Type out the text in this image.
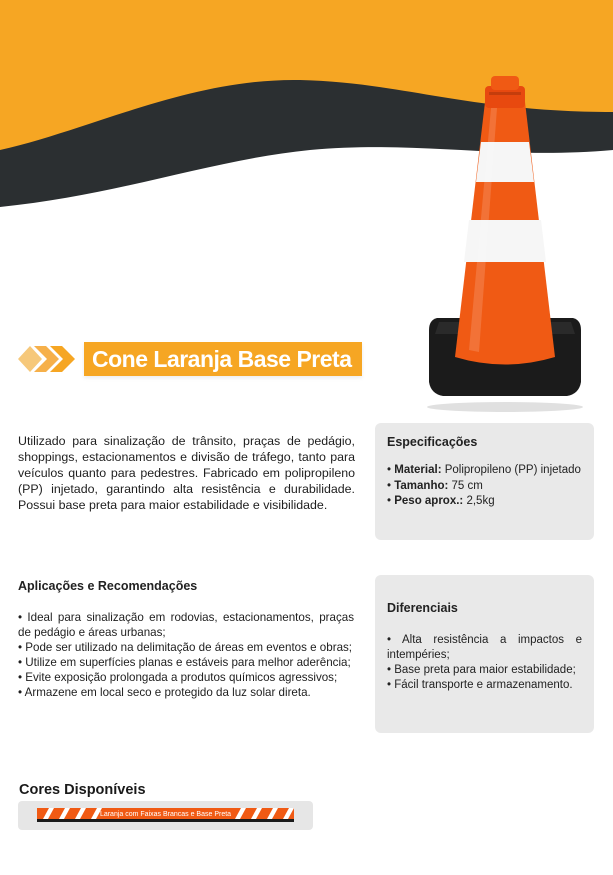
Cone Laranja Base Preta

Utilizado para sinalização de trânsito, praças de pedágio, shoppings, estacionamentos e divisão de tráfego, tanto para veículos quanto para pedestres. Fabricado em polipropileno (PP) injetado, garantindo alta resistência e durabilidade. Possui base preta para maior estabilidade e visibilidade.

Especificações
• Material: Polipropileno (PP) injetado
• Tamanho: 75 cm
• Peso aprox.: 2,5kg
Aplicações e Recomendações
• Ideal para sinalização em rodovias, estacionamentos, praças de pedágio e áreas urbanas;
• Pode ser utilizado na delimitação de áreas em eventos e obras;
• Utilize em superfícies planas e estáveis para melhor aderência;
• Evite exposição prolongada a produtos químicos agressivos;
• Armazene em local seco e protegido da luz solar direta.
Diferenciais
• Alta resistência a impactos e intempéries;
• Base preta para maior estabilidade;
• Fácil transporte e armazenamento.
Cores Disponíveis
Laranja com Faixas Brancas e Base Preta
